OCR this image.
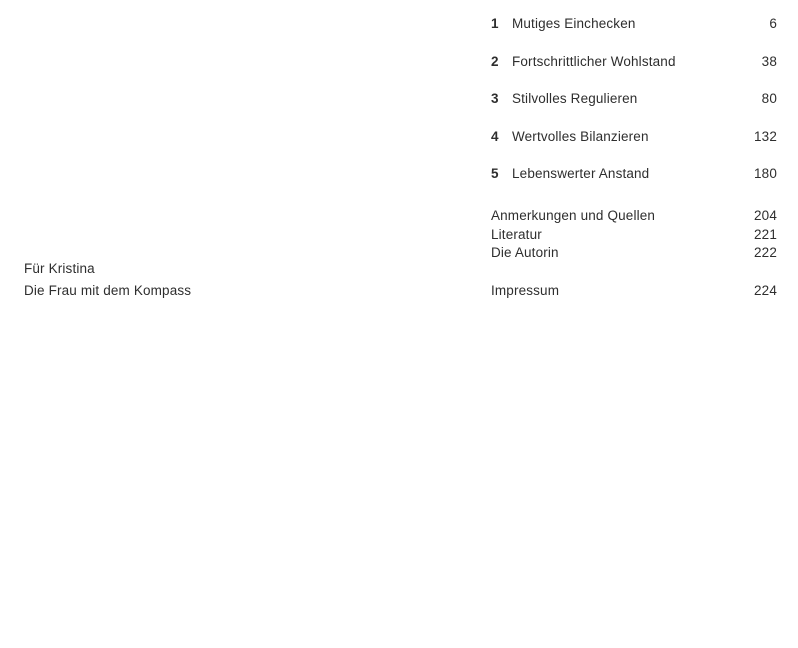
Für Kristina
Die Frau mit dem Kompass
1 Mutiges Einchecken	6
2 Fortschrittlicher Wohlstand	38
3 Stilvolles Regulieren	80
4 Wertvolles Bilanzieren	132
5 Lebenswerter Anstand	180
Anmerkungen und Quellen	204
Literatur	221
Die Autorin	222
Impressum	224
